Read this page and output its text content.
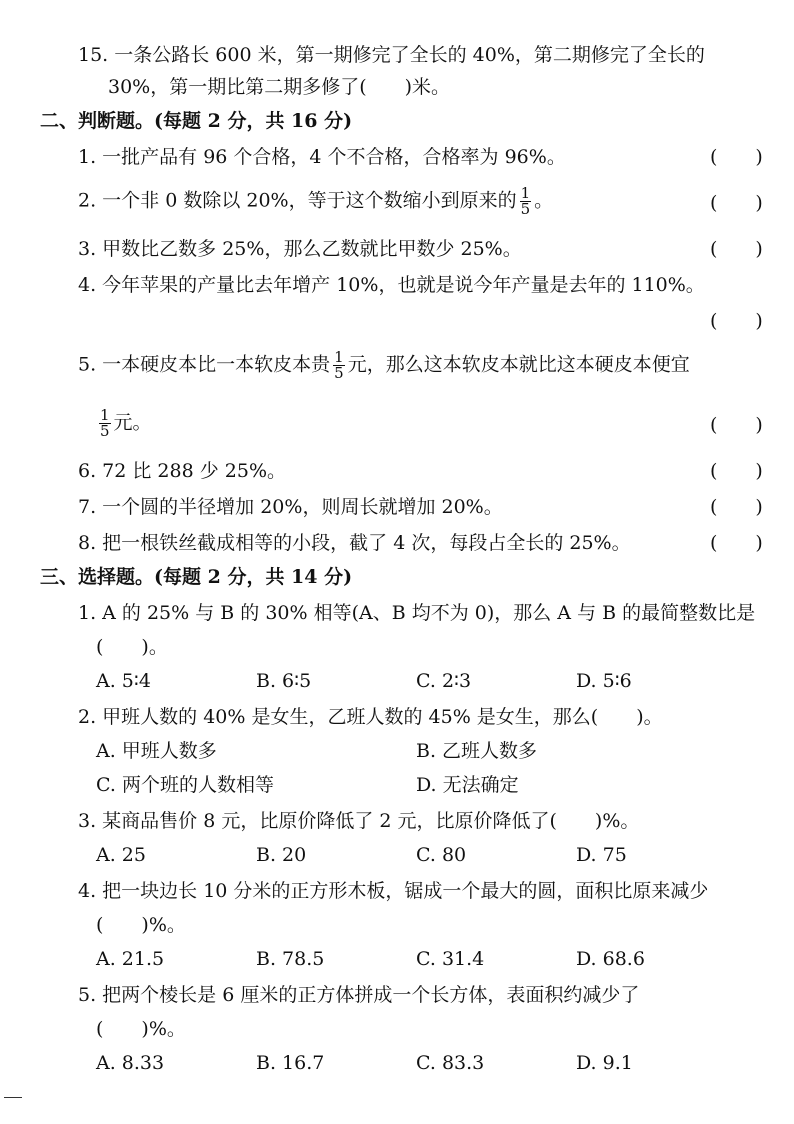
15. 一条公路长 600 米，第一期修完了全长的 40%，第二期修完了全长的
30%，第一期比第二期多修了(　　)米。
二、判断题。(每题 2 分，共 16 分)
1. 一批产品有 96 个合格，4 个不合格，合格率为 96%。	(　　)
2. 一个非 0 数除以 20%，等于这个数缩小到原来的 $\frac{1}{5}$ 。	(　　)
3. 甲数比乙数多 25%，那么乙数就比甲数少 25%。	(　　)
4. 今年苹果的产量比去年增产 10%，也就是说今年产量是去年的 110%。
(　　)
5. 一本硬皮本比一本软皮本贵 $\frac{1}{5}$ 元，那么这本软皮本就比这本硬皮本便宜
$\frac{1}{5}$ 元。	(　　)
6. 72 比 288 少 25%。	(　　)
7. 一个圆的半径增加 20%，则周长就增加 20%。	(　　)
8. 把一根铁丝截成相等的小段，截了 4 次，每段占全长的 25%。	(　　)
三、选择题。(每题 2 分，共 14 分)
1. A 的 25% 与 B 的 30% 相等(A、B 均不为 0)，那么 A 与 B 的最简整数比是
(　　)。
A. 5∶4	B. 6∶5	C. 2∶3	D. 5∶6
2. 甲班人数的 40% 是女生，乙班人数的 45% 是女生，那么(　　)。
A. 甲班人数多	B. 乙班人数多
C. 两个班的人数相等	D. 无法确定
3. 某商品售价 8 元，比原价降低了 2 元，比原价降低了(　　)%。
A. 25	B. 20	C. 80	D. 75
4. 把一块边长 10 分米的正方形木板，锯成一个最大的圆，面积比原来减少
(　　)%。
A. 21.5	B. 78.5	C. 31.4	D. 68.6
5. 把两个棱长是 6 厘米的正方体拼成一个长方体，表面积约减少了
(　　)%。
A. 8.33	B. 16.7	C. 83.3	D. 9.1
